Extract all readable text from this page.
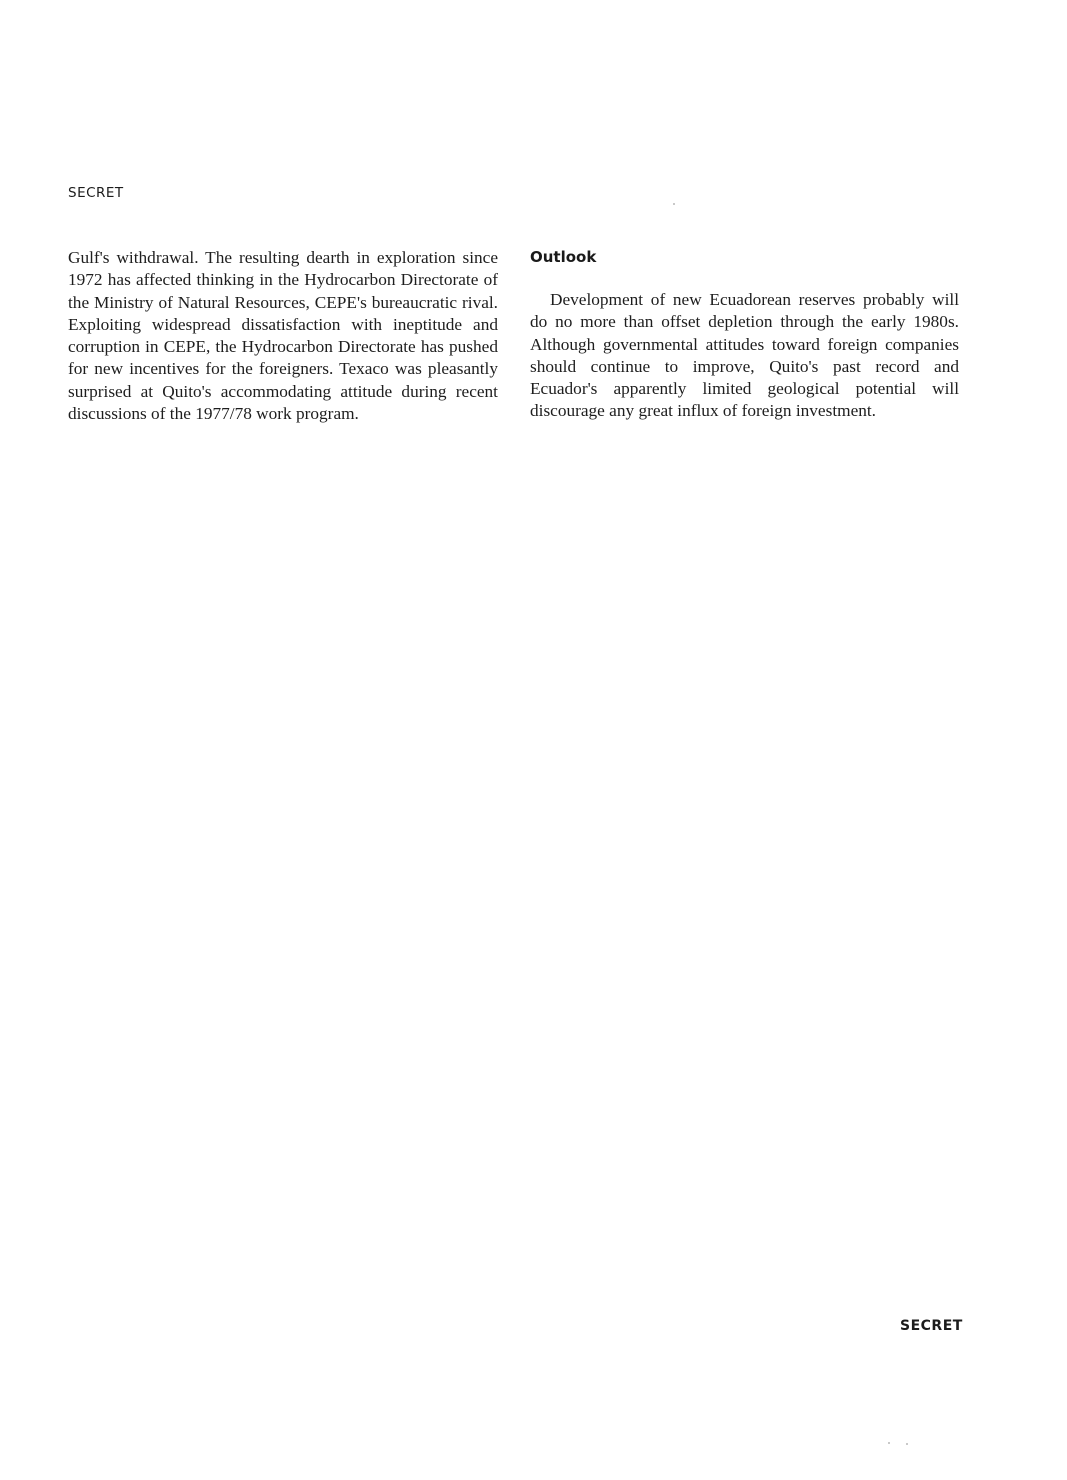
SECRET

Gulf's withdrawal. The resulting dearth in exploration since 1972 has affected thinking in the Hydrocarbon Directorate of the Ministry of Natural Resources, CEPE's bureaucratic rival. Exploiting widespread dissatisfaction with ineptitude and corruption in CEPE, the Hydrocarbon Directorate has pushed for new incentives for the foreigners. Texaco was pleasantly surprised at Quito's accommodating attitude during recent discussions of the 1977/78 work program.

Outlook

Development of new Ecuadorean reserves probably will do no more than offset depletion through the early 1980s. Although governmental attitudes toward foreign companies should continue to improve, Quito's past record and Ecuador's apparently limited geological potential will discourage any great influx of foreign investment.

SECRET
